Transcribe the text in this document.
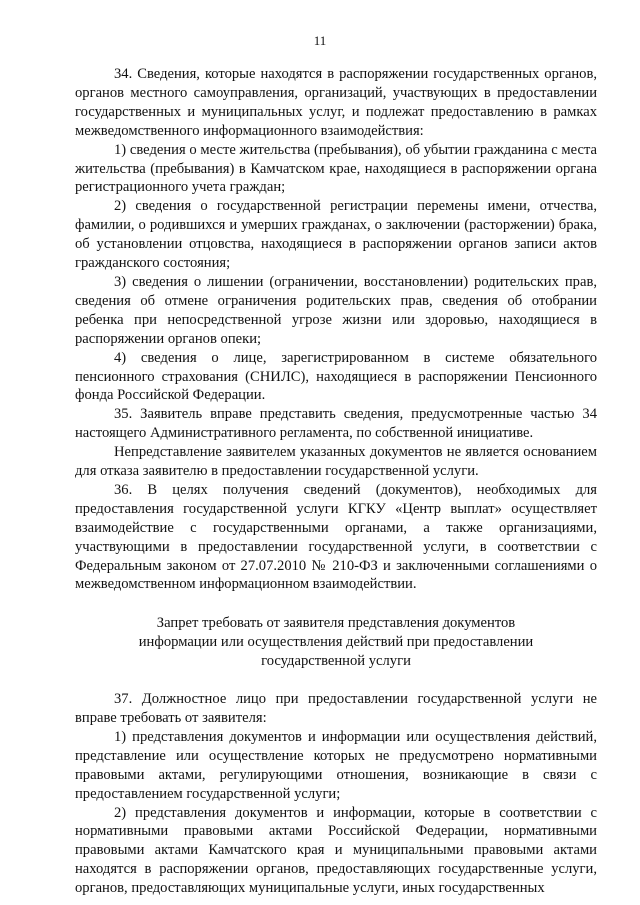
11

34. Сведения, которые находятся в распоряжении государственных органов, органов местного самоуправления, организаций, участвующих в предоставлении государственных и муниципальных услуг, и подлежат предоставлению в рамках межведомственного информационного взаимодействия:

1) сведения о месте жительства (пребывания), об убытии гражданина с места жительства (пребывания) в Камчатском крае, находящиеся в распоряжении органа регистрационного учета граждан;

2) сведения о государственной регистрации перемены имени, отчества, фамилии, о родившихся и умерших гражданах, о заключении (расторжении) брака, об установлении отцовства, находящиеся в распоряжении органов записи актов гражданского состояния;

3) сведения о лишении (ограничении, восстановлении) родительских прав, сведения об отмене ограничения родительских прав, сведения об отобрании ребенка при непосредственной угрозе жизни или здоровью, находящиеся в распоряжении органов опеки;

4) сведения о лице, зарегистрированном в системе обязательного пенсионного страхования (СНИЛС), находящиеся в распоряжении Пенсионного фонда Российской Федерации.

35. Заявитель вправе представить сведения, предусмотренные частью 34 настоящего Административного регламента, по собственной инициативе.

Непредставление заявителем указанных документов не является основанием для отказа заявителю в предоставлении государственной услуги.

36. В целях получения сведений (документов), необходимых для предоставления государственной услуги КГКУ «Центр выплат» осуществляет взаимодействие с государственными органами, а также организациями, участвующими в предоставлении государственной услуги, в соответствии с Федеральным законом от 27.07.2010 № 210-ФЗ и заключенными соглашениями о межведомственном информационном взаимодействии.

Запрет требовать от заявителя представления документов
информации или осуществления действий при предоставлении
государственной услуги

37. Должностное лицо при предоставлении государственной услуги не вправе требовать от заявителя:

1) представления документов и информации или осуществления действий, представление или осуществление которых не предусмотрено нормативными правовыми актами, регулирующими отношения, возникающие в связи с предоставлением государственной услуги;

2) представления документов и информации, которые в соответствии с нормативными правовыми актами Российской Федерации, нормативными правовыми актами Камчатского края и муниципальными правовыми актами находятся в распоряжении органов, предоставляющих государственные услуги, органов, предоставляющих муниципальные услуги, иных государственных
